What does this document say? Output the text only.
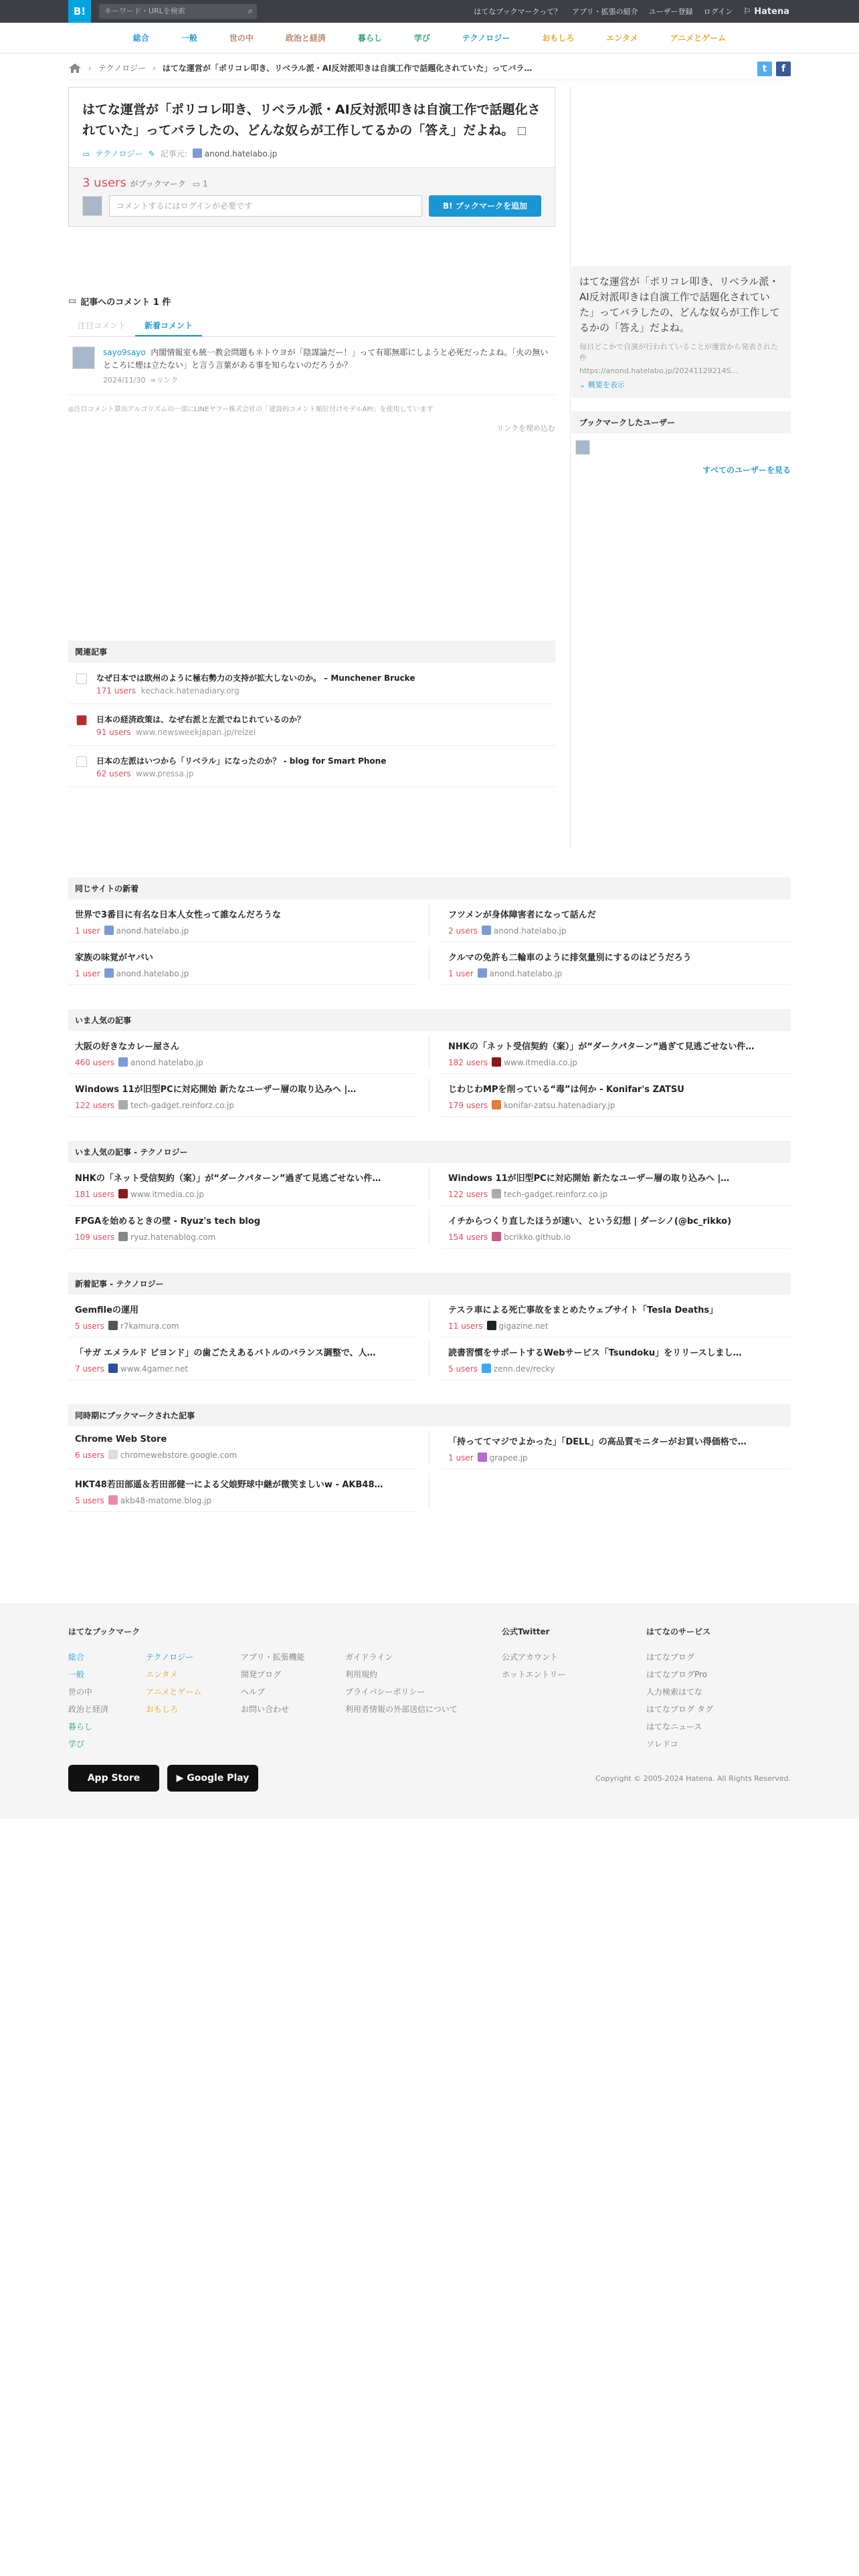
B!	キーワード・URLを検索	⌕	はてなブックマークって？ アプリ・拡張の紹介 ユーザー登録 ログイン ⚐ Hatena
総合	一般	世の中	政治と経済	暮らし	学び	テクノロジー	おもしろ	エンタメ	アニメとゲーム
› テクノロジー › はてな運営が「ポリコレ叩き、リベラル派・AI反対派叩きは自演工作で話題化されていた」ってバラ…	t	f
はてな運営が「ポリコレ叩き、リベラル派・AI反対派叩きは自演工作で話題化されていた」ってバラしたの、どんな奴らが工作してるかの「答え」だよね。
▭ テクノロジー ✎ 記事元:	anond.hatelabo.jp
3 users がブックマーク ▭ 1
コメントするにはログインが必要です	B! ブックマークを追加
▭ 記事へのコメント 1 件
注目コメント	新着コメント
sayo9sayo 内閣情報室も統一教会問題もネトウヨが「陰謀論だー！」って有耶無耶にしようと必死だったよね。「火の無いところに煙は立たない」と言う言葉がある事を知らないのだろうか？
2024/11/30 ∞リンク
◎注目コメント算出アルゴリズムの一部にLINEヤフー株式会社の「建設的コメント順位付けモデルAPI」を使用しています
リンクを埋め込む
関連記事
なぜ日本では欧州のように極右勢力の支持が拡大しないのか。 – Munchener Brucke
171 users kechack.hatenadiary.org
日本の経済政策は、なぜ右派と左派でねじれているのか？
91 users www.newsweekjapan.jp/reizei
日本の左派はいつから「リベラル」になったのか？ - blog for Smart Phone
62 users www.pressa.jp
はてな運営が「ポリコレ叩き、リベラル派・AI反対派叩きは自演工作で話題化されていた」ってバラしたの、どんな奴らが工作してるかの「答え」だよね。
毎日どこかで自演が行われていることが運営から発表された件
https://anond.hatelabo.jp/20241129214S…
⌄ 概要を表示
ブックマークしたユーザー
すべてのユーザーを見る
同じサイトの新着
世界で3番目に有名な日本人女性って誰なんだろうな
1 user anond.hatelabo.jp
フツメンが身体障害者になって話んだ
2 users anond.hatelabo.jp
家族の味覚がヤバい
1 user anond.hatelabo.jp
クルマの免許も二輪車のように排気量別にするのはどうだろう
1 user anond.hatelabo.jp
いま人気の記事
大阪の好きなカレー屋さん
460 users anond.hatelabo.jp
NHKの「ネット受信契約（案）」が“ダークパターン”過ぎて見逃ごせない件…
182 users www.itmedia.co.jp
Windows 11が旧型PCに対応開始 新たなユーザー層の取り込みへ |…
122 users tech-gadget.reinforz.co.jp
じわじわMPを削っている“毒”は何か - Konifar's ZATSU
179 users konifar-zatsu.hatenadiary.jp
いま人気の記事 - テクノロジー
NHKの「ネット受信契約（案）」が“ダークパターン”過ぎて見逃ごせない件…
181 users www.itmedia.co.jp
Windows 11が旧型PCに対応開始 新たなユーザー層の取り込みへ |…
122 users tech-gadget.reinforz.co.jp
FPGAを始めるときの壁 - Ryuz's tech blog
109 users ryuz.hatenablog.com
イチからつくり直したほうが速い、という幻想 | ダーシノ(@bc_rikko)
154 users bcrikko.github.io
新着記事 - テクノロジー
Gemfileの運用
5 users r7kamura.com
テスラ車による死亡事故をまとめたウェブサイト「Tesla Deaths」
11 users gigazine.net
「サガ エメラルド ビヨンド」の歯ごたえあるバトルのバランス調整で、人…
7 users www.4gamer.net
読書習慣をサポートするWebサービス「Tsundoku」をリリースしまし…
5 users zenn.dev/recky
同時期にブックマークされた記事
Chrome Web Store
6 users chromewebstore.google.com
「持っててマジでよかった」「DELL」の高品質モニターがお買い得価格で…
1 user grapee.jp
HKT48若田部遥＆若田部健一による父娘野球中継が微笑ましいw - AKB48…
5 users akb48-matome.blog.jp
はてなブックマーク
総合
一般
世の中
政治と経済
暮らし
学び
テクノロジー
エンタメ
アニメとゲーム
おもしろ
アプリ・拡張機能
開発ブログ
ヘルプ
お問い合わせ
ガイドライン
利用規約
プライバシーポリシー
利用者情報の外部送信について
公式Twitter
公式アカウント
ホットエントリー
はてなのサービス
はてなブログ
はてなブログPro
人力検索はてな
はてなブログ タグ
はてなニュース
ソレドコ
App Store	▶ Google Play	Copyright © 2005-2024 Hatena. All Rights Reserved.
